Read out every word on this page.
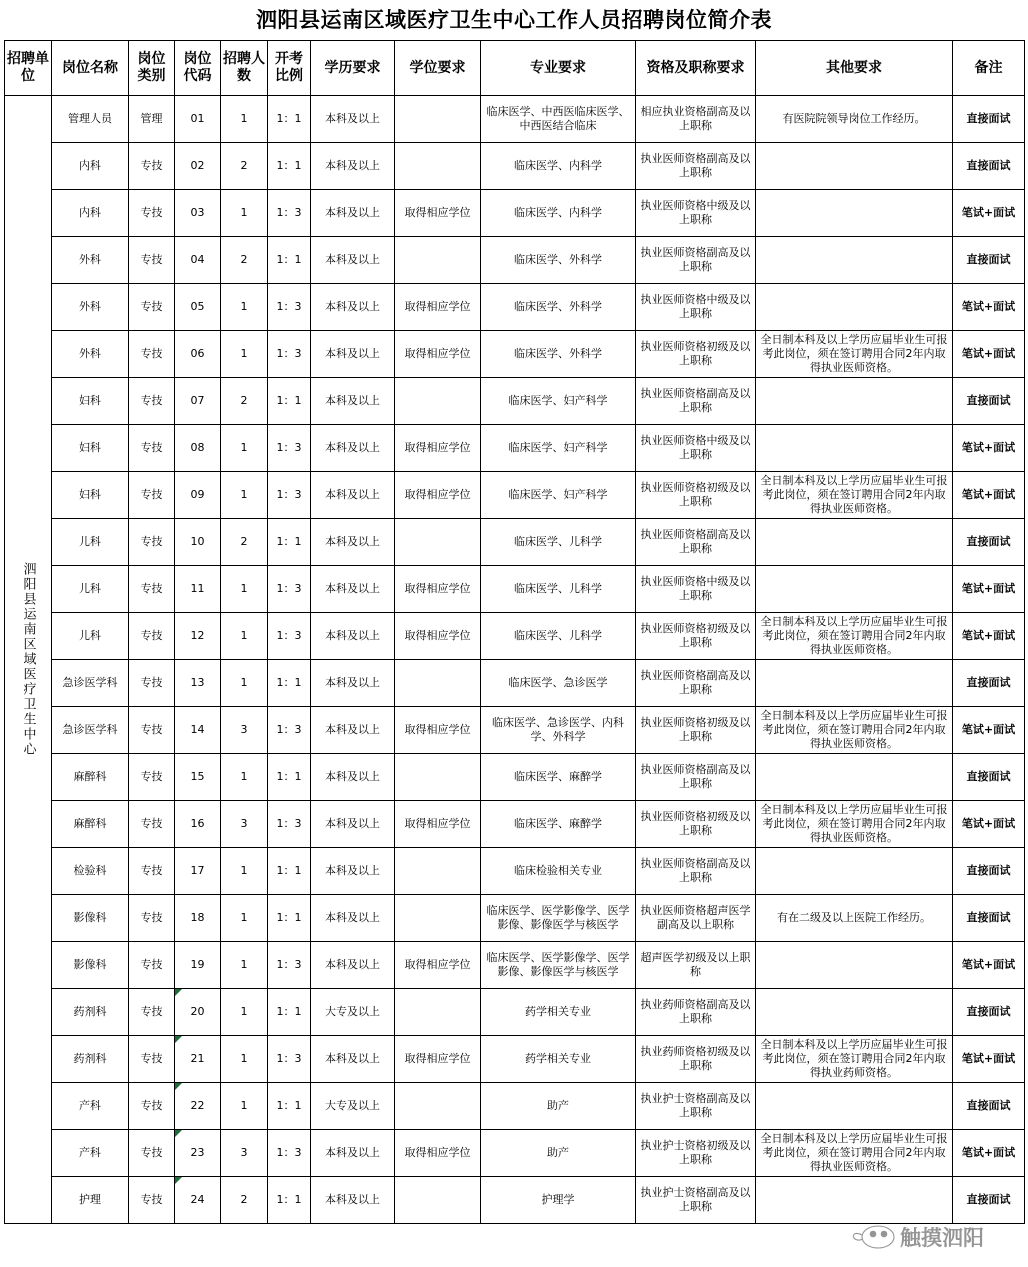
泗阳县运南区域医疗卫生中心工作人员招聘岗位简介表
招聘单位	岗位名称	岗位类别	岗位代码	招聘人数	开考比例	学历要求	学位要求	专业要求	资格及职称要求	其他要求	备注

泗阳县运南区域医疗卫生中心	管理人员	管理	01	1	1：1	本科及以上		临床医学、中西医临床医学、中西医结合临床	相应执业资格副高及以上职称	有医院院领导岗位工作经历。	直接面试
	内科	专技	02	2	1：1	本科及以上		临床医学、内科学	执业医师资格副高及以上职称		直接面试
	内科	专技	03	1	1：3	本科及以上	取得相应学位	临床医学、内科学	执业医师资格中级及以上职称		笔试+面试
	外科	专技	04	2	1：1	本科及以上		临床医学、外科学	执业医师资格副高及以上职称		直接面试
	外科	专技	05	1	1：3	本科及以上	取得相应学位	临床医学、外科学	执业医师资格中级及以上职称		笔试+面试
	外科	专技	06	1	1：3	本科及以上	取得相应学位	临床医学、外科学	执业医师资格初级及以上职称	全日制本科及以上学历应届毕业生可报考此岗位，须在签订聘用合同2年内取得执业医师资格。	笔试+面试
	妇科	专技	07	2	1：1	本科及以上		临床医学、妇产科学	执业医师资格副高及以上职称		直接面试
	妇科	专技	08	1	1：3	本科及以上	取得相应学位	临床医学、妇产科学	执业医师资格中级及以上职称		笔试+面试
	妇科	专技	09	1	1：3	本科及以上	取得相应学位	临床医学、妇产科学	执业医师资格初级及以上职称	全日制本科及以上学历应届毕业生可报考此岗位，须在签订聘用合同2年内取得执业医师资格。	笔试+面试
	儿科	专技	10	2	1：1	本科及以上		临床医学、儿科学	执业医师资格副高及以上职称		直接面试
	儿科	专技	11	1	1：3	本科及以上	取得相应学位	临床医学、儿科学	执业医师资格中级及以上职称		笔试+面试
	儿科	专技	12	1	1：3	本科及以上	取得相应学位	临床医学、儿科学	执业医师资格初级及以上职称	全日制本科及以上学历应届毕业生可报考此岗位，须在签订聘用合同2年内取得执业医师资格。	笔试+面试
	急诊医学科	专技	13	1	1：1	本科及以上		临床医学、急诊医学	执业医师资格副高及以上职称		直接面试
	急诊医学科	专技	14	3	1：3	本科及以上	取得相应学位	临床医学、急诊医学、内科学、外科学	执业医师资格初级及以上职称	全日制本科及以上学历应届毕业生可报考此岗位，须在签订聘用合同2年内取得执业医师资格。	笔试+面试
	麻醉科	专技	15	1	1：1	本科及以上		临床医学、麻醉学	执业医师资格副高及以上职称		直接面试
	麻醉科	专技	16	3	1：3	本科及以上	取得相应学位	临床医学、麻醉学	执业医师资格初级及以上职称	全日制本科及以上学历应届毕业生可报考此岗位，须在签订聘用合同2年内取得执业医师资格。	笔试+面试
	检验科	专技	17	1	1：1	本科及以上		临床检验相关专业	执业医师资格副高及以上职称		直接面试
	影像科	专技	18	1	1：1	本科及以上		临床医学、医学影像学、医学影像、影像医学与核医学	执业医师资格超声医学副高及以上职称	有在二级及以上医院工作经历。	直接面试
	影像科	专技	19	1	1：3	本科及以上	取得相应学位	临床医学、医学影像学、医学影像、影像医学与核医学	超声医学初级及以上职称		笔试+面试
	药剂科	专技	20	1	1：1	大专及以上		药学相关专业	执业药师资格副高及以上职称		直接面试
	药剂科	专技	21	1	1：3	本科及以上	取得相应学位	药学相关专业	执业药师资格初级及以上职称	全日制本科及以上学历应届毕业生可报考此岗位，须在签订聘用合同2年内取得执业药师资格。	笔试+面试
	产科	专技	22	1	1：1	大专及以上		助产	执业护士资格副高及以上职称		直接面试
	产科	专技	23	3	1：3	本科及以上	取得相应学位	助产	执业护士资格初级及以上职称	全日制本科及以上学历应届毕业生可报考此岗位，须在签订聘用合同2年内取得执业医师资格。	笔试+面试
	护理	专技	24	2	1：1	本科及以上		护理学	执业护士资格副高及以上职称		直接面试
触摸泗阳
